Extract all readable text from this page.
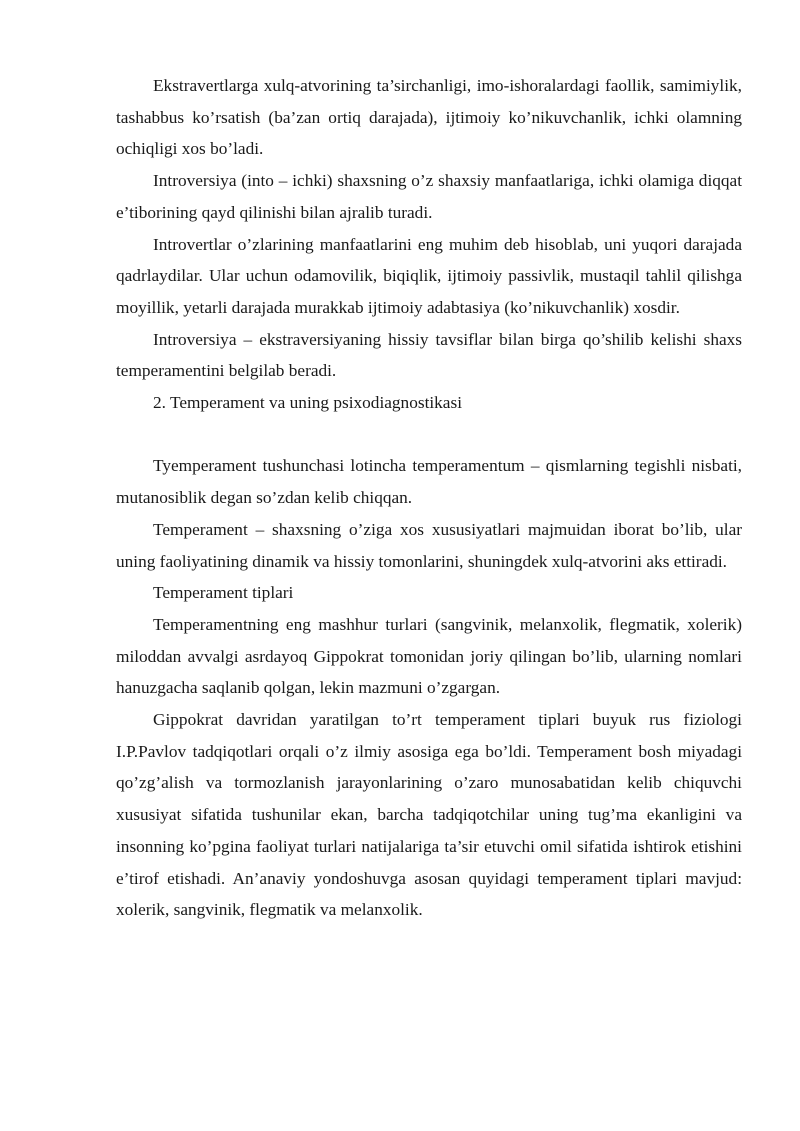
Ekstravertlarga xulq-atvorining ta’sirchanligi, imo-ishoralardagi faollik, samimiylik, tashabbus ko’rsatish (ba’zan ortiq darajada), ijtimoiy ko’nikuvchanlik, ichki olamning ochiqligi xos bo’ladi.

Introversiya (into – ichki) shaxsning o’z shaxsiy manfaatlariga, ichki olamiga diqqat e’tiborining qayd qilinishi bilan ajralib turadi.

Introvertlar o’zlarining manfaatlarini eng muhim deb hisoblab, uni yuqori darajada qadrlaydilar. Ular uchun odamovilik, biqiqlik, ijtimoiy passivlik, mustaqil tahlil qilishga moyillik, yetarli darajada murakkab ijtimoiy adabtasiya (ko’nikuvchanlik) xosdir.

Introversiya – ekstraversiyaning hissiy tavsiflar bilan birga qo’shilib kelishi shaxs temperamentini belgilab beradi.

2. Temperament va uning psixodiagnostikasi

Tyemperament tushunchasi lotincha temperamentum – qismlarning tegishli nisbati, mutanosiblik degan so’zdan kelib chiqqan.

Temperament – shaxsning o’ziga xos xususiyatlari majmuidan iborat bo’lib, ular uning faoliyatining dinamik va hissiy tomonlarini, shuningdek xulq-atvorini aks ettiradi.

Temperament tiplari

Temperamentning eng mashhur turlari (sangvinik, melanxolik, flegmatik, xolerik) miloddan avvalgi asrdayoq Gippokrat tomonidan joriy qilingan bo’lib, ularning nomlari hanuzgacha saqlanib qolgan, lekin mazmuni o’zgargan.

Gippokrat davridan yaratilgan to’rt temperament tiplari buyuk rus fiziologi I.P.Pavlov tadqiqotlari orqali o’z ilmiy asosiga ega bo’ldi. Temperament bosh miyadagi qo’zg’alish va tormozlanish jarayonlarining o’zaro munosabatidan kelib chiquvchi xususiyat sifatida tushunilar ekan, barcha tadqiqotchilar uning tug’ma ekanligini va insonning ko’pgina faoliyat turlari natijalariga ta’sir etuvchi omil sifatida ishtirok etishini e’tirof etishadi. An’anaviy yondoshuvga asosan quyidagi temperament tiplari mavjud: xolerik, sangvinik, flegmatik va melanxolik.
